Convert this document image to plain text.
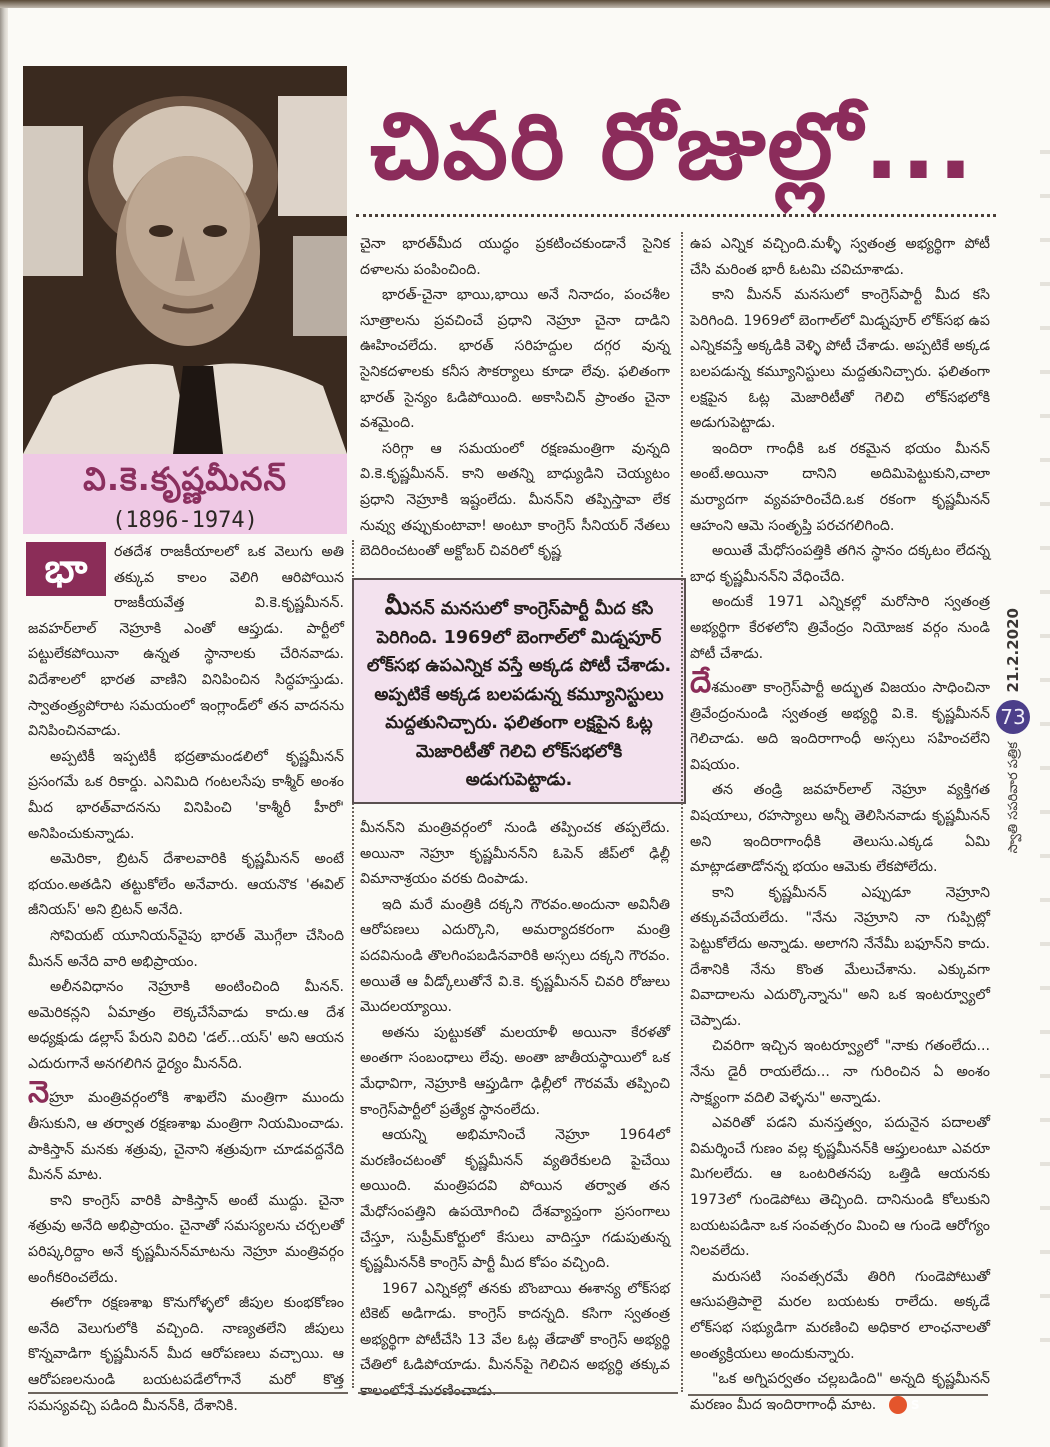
వి.కె.కృష్ణమీనన్
(1896-1974)
చివరి రోజుల్లో...

భా	రతదేశ రాజకీయాలలో ఒక వెలుగు అతి తక్కువ కాలం వెలిగి ఆరిపోయిన రాజకీయవేత్త వి.కె.కృష్ణమీనన్. జవహర్‌లాల్ నెహ్రూకి ఎంతో ఆప్తుడు. పార్టీలో పట్టులేకపోయినా ఉన్నత స్థానాలకు చేరినవాడు. విదేశాలలో భారత వాణిని వినిపించిన సిద్ధహస్తుడు. స్వాతంత్ర్యపోరాట సమయంలో ఇంగ్లాండ్‌లో తన వాదనను వినిపించినవాడు.

అప్పటికీ ఇప్పటికీ భద్రతామండలిలో కృష్ణమీనన్ ప్రసంగమే ఒక రికార్డు. ఎనిమిది గంటలసేపు కాశ్మీర్ అంశం మీద భారత్‌వాదనను వినిపించి 'కాశ్మీరీ హీరో' అనిపించుకున్నాడు.

అమెరికా, బ్రిటన్ దేశాలవారికి కృష్ణమీనన్ అంటే భయం.అతడిని తట్టుకోలేం అనేవారు. ఆయనొక 'ఈవిల్ జీనియస్' అని బ్రిటన్ అనేది.

సోవియట్ యూనియన్‌వైపు భారత్ మొగ్గేలా చేసింది మీనన్ అనేది వారి అభిప్రాయం.

అలీనవిధానం నెహ్రూకి అంటించింది మీనన్. అమెరికన్లని ఏమాత్రం లెక్కచేసేవాడు కాదు.ఆ దేశ అధ్యక్షుడు డల్లాస్ పేరుని విరిచి 'డల్...యస్' అని ఆయన ఎదురుగానే అనగలిగిన ధైర్యం మీనన్‌ది.

నెహ్రూ మంత్రివర్గంలోకి శాఖలేని మంత్రిగా ముందు తీసుకుని, ఆ తర్వాత రక్షణశాఖ మంత్రిగా నియమించాడు. పాకిస్తాన్ మనకు శత్రువు, చైనాని శత్రువుగా చూడవద్దనేది మీనన్ మాట.

కాని కాంగ్రెస్ వారికి పాకిస్తాన్ అంటే ముద్దు. చైనా శత్రువు అనేది అభిప్రాయం. చైనాతో సమస్యలను చర్చలతో పరిష్కరిద్దాం అనే కృష్ణమీనన్‌మాటను నెహ్రూ మంత్రివర్గం అంగీకరించలేదు.

ఈలోగా రక్షణశాఖ కొనుగోళ్ళలో జీపుల కుంభకోణం అనేది వెలుగులోకి వచ్చింది. నాణ్యతలేని జీపులు కొన్నవాడిగా కృష్ణమీనన్ మీద ఆరోపణలు వచ్చాయి. ఆ ఆరోపణలనుండి బయటపడేలోగానే మరో కొత్త సమస్యవచ్చి పడింది మీనన్‌కి, దేశానికి.

చైనా భారత్‌మీద యుద్ధం ప్రకటించకుండానే సైనిక దళాలను పంపించింది.

భారత్-చైనా భాయి,భాయి అనే నినాదం, పంచశీల సూత్రాలను ప్రవచించే ప్రధాని నెహ్రూ చైనా దాడిని ఊహించలేదు. భారత్ సరిహద్దుల దగ్గర వున్న సైనికదళాలకు కనీస సౌకర్యాలు కూడా లేవు. ఫలితంగా భారత్ సైన్యం ఓడిపోయింది. అకాసిచిన్ ప్రాంతం చైనా వశమైంది.

సరిగ్గా ఆ సమయంలో రక్షణమంత్రిగా వున్నది వి.కె.కృష్ణమీనన్. కాని అతన్ని బాధ్యుడిని చెయ్యటం ప్రధాని నెహ్రూకి ఇష్టంలేదు. మీనన్‌ని తప్పిస్తావా లేక నువ్వు తప్పుకుంటావా! అంటూ కాంగ్రెస్ సీనియర్ నేతలు బెదిరించటంతో అక్టోబర్ చివరిలో కృష్ణ

మీనన్ మనసులో కాంగ్రెస్‌పార్టీ మీద కసి పెరిగింది. 1969లో బెంగాల్‌లో మిడ్నపూర్ లోక్‌సభ ఉపఎన్నిక వస్తే అక్కడ పోటీ చేశాడు. అప్పటికే అక్కడ బలపడున్న కమ్యూనిస్టులు మద్దతునిచ్చారు. ఫలితంగా లక్షపైన ఓట్ల మెజారిటీతో గెలిచి లోక్‌సభలోకి అడుగుపెట్టాడు.

మీనన్‌ని మంత్రివర్గంలో నుండి తప్పించక తప్పలేదు. అయినా నెహ్రూ కృష్ణమీనన్‌ని ఓపెన్ జీప్‌లో ఢిల్లీ విమానాశ్రయం వరకు దింపాడు.

ఇది మరే మంత్రికి దక్కని గౌరవం.అందునా అవినీతి ఆరోపణలు ఎదుర్కొని, అమర్యాదకరంగా మంత్రి పదవినుండి తొలగింపబడినవారికి అస్సలు దక్కని గౌరవం. అయితే ఆ వీడ్కోలుతోనే వి.కె. కృష్ణమీనన్ చివరి రోజులు మొదలయ్యాయి.

అతను పుట్టుకతో మలయాళీ అయినా కేరళతో అంతగా సంబంధాలు లేవు. అంతా జాతీయస్థాయిలో ఒక మేధావిగా, నెహ్రూకి ఆప్తుడిగా ఢిల్లీలో గౌరవమే తప్పించి కాంగ్రెస్‌పార్టీలో ప్రత్యేక స్థానంలేదు.

ఆయన్ని అభిమానించే నెహ్రూ 1964లో మరణించటంతో కృష్ణమీనన్ వ్యతిరేకులది పైచేయి అయింది. మంత్రిపదవి పోయిన తర్వాత తన మేధోసంపత్తిని ఉపయోగించి దేశవ్యాప్తంగా ప్రసంగాలు చేస్తూ, సుప్రీమ్‌కోర్టులో కేసులు వాదిస్తూ గడుపుతున్న కృష్ణమీనన్‌కి కాంగ్రెస్ పార్టీ మీద కోపం వచ్చింది.

1967 ఎన్నికల్లో తనకు బొంబాయి ఈశాన్య లోక్‌సభ టికెట్ అడిగాడు. కాంగ్రెస్ కాదన్నది. కసిగా స్వతంత్ర అభ్యర్థిగా పోటీచేసి 13 వేల ఓట్ల తేడాతో కాంగ్రెస్ అభ్యర్థి చేతిలో ఓడిపోయాడు. మీనన్‌పై గెలిచిన అభ్యర్థి తక్కువ కాలంలోనే మరణించాడు.

ఉప ఎన్నిక వచ్చింది.మళ్ళీ స్వతంత్ర అభ్యర్థిగా పోటీ చేసి మరింత భారీ ఓటమి చవిచూశాడు.

కాని మీనన్ మనసులో కాంగ్రెస్‌పార్టీ మీద కసి పెరిగింది. 1969లో బెంగాల్‌లో మిడ్నపూర్ లోక్‌సభ ఉప ఎన్నికవస్తే అక్కడికి వెళ్ళి పోటీ చేశాడు. అప్పటికే అక్కడ బలపడున్న కమ్యూనిస్టులు మద్దతునిచ్చారు. ఫలితంగా లక్షపైన ఓట్ల మెజారిటీతో గెలిచి లోక్‌సభలోకి అడుగుపెట్టాడు.

ఇందిరా గాంధీకి ఒక రకమైన భయం మీనన్ అంటే.అయినా దానిని అదిమిపెట్టుకుని,చాలా మర్యాదగా వ్యవహరించేది.ఒక రకంగా కృష్ణమీనన్ ఆహంని ఆమె సంతృప్తి పరచగలిగింది.

అయితే మేధోసంపత్తికి తగిన స్థానం దక్కటం లేదన్న బాధ కృష్ణమీనన్‌ని వేధించేది.

అందుకే 1971 ఎన్నికల్లో మరోసారి స్వతంత్ర అభ్యర్థిగా కేరళలోని త్రివేంద్రం నియోజక వర్గం నుండి పోటీ చేశాడు.

దేశమంతా కాంగ్రెస్‌పార్టీ అద్భుత విజయం సాధించినా త్రివేంద్రంనుండి స్వతంత్ర అభ్యర్థి వి.కె. కృష్ణమీనన్ గెలిచాడు. అది ఇందిరాగాంధీ అస్సలు సహించలేని విషయం.

తన తండ్రి జవహర్‌లాల్ నెహ్రూ వ్యక్తిగత విషయాలు, రహస్యాలు అన్నీ తెలిసినవాడు కృష్ణమీనన్ అని ఇందిరాగాంధీకి తెలుసు.ఎక్కడ ఏమి మాట్లాడతాడోనన్న భయం ఆమెకు లేకపోలేదు.

కాని కృష్ణమీనన్ ఎప్పుడూ నెహ్రూని తక్కువచేయలేదు. "నేను నెహ్రూని నా గుప్పిట్లో పెట్టుకోలేదు అన్నాడు. అలాగని నేనేమీ బఫూన్‌ని కాదు. దేశానికి నేను కొంత మేలుచేశాను. ఎక్కువగా వివాదాలను ఎదుర్కొన్నాను" అని ఒక ఇంటర్వ్యూలో చెప్పాడు.

చివరిగా ఇచ్చిన ఇంటర్వ్యూలో "నాకు గతంలేదు... నేను డైరీ రాయలేదు... నా గురించిన ఏ అంశం సాక్ష్యంగా వదిలి వెళ్ళను" అన్నాడు.

ఎవరితో పడని మనస్తత్వం, పదునైన పదాలతో విమర్శించే గుణం వల్ల కృష్ణమీనన్‌కి ఆప్తులంటూ ఎవరూ మిగలలేదు. ఆ ఒంటరితనపు ఒత్తిడి ఆయనకు 1973లో గుండెపోటు తెచ్చింది. దానినుండి కోలుకుని బయటపడినా ఒక సంవత్సరం మించి ఆ గుండె ఆరోగ్యం నిలవలేదు.

మరుసటి సంవత్సరమే తిరిగి గుండెపోటుతో ఆసుపత్రిపాలై మరల బయటకు రాలేదు. అక్కడే లోక్‌సభ సభ్యుడిగా మరణించి అధికార లాంఛనాలతో అంత్యక్రియలు అందుకున్నారు.

"ఒక అగ్నిపర్వతం చల్లబడింది" అన్నది కృష్ణమీనన్ మరణం మీద ఇందిరాగాంధీ మాట.	S

21.2.2020
73
స్వాతి సపరివార పత్రిక
